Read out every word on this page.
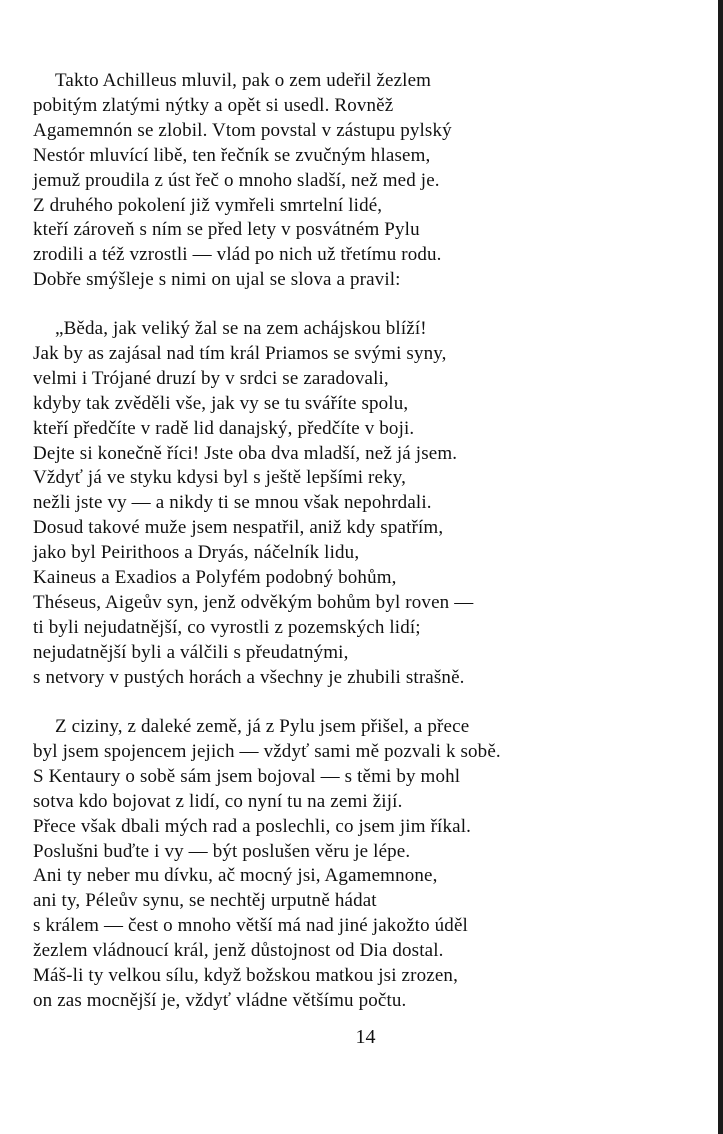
Takto Achilleus mluvil, pak o zem udeřil žezlem
pobitým zlatými nýtky a opět si usedl. Rovněž
Agamemnón se zlobil. Vtom povstal v zástupu pylský
Nestór mluvící libě, ten řečník se zvučným hlasem,
jemuž proudila z úst řeč o mnoho sladší, než med je.
Z druhého pokolení již vymřeli smrtelní lidé,
kteří zároveň s ním se před lety v posvátném Pylu
zrodili a též vzrostli — vlád po nich už třetímu rodu.
Dobře smýšleje s nimi on ujal se slova a pravil:
„Běda, jak veliký žal se na zem achájskou blíží!
Jak by as zajásal nad tím král Priamos se svými syny,
velmi i Trójané druzí by v srdci se zaradovali,
kdyby tak zvěděli vše, jak vy se tu sváříte spolu,
kteří předčíte v radě lid danajský, předčíte v boji.
Dejte si konečně říci! Jste oba dva mladší, než já jsem.
Vždyť já ve styku kdysi byl s ještě lepšími reky,
nežli jste vy — a nikdy ti se mnou však nepohrdali.
Dosud takové muže jsem nespatřil, aniž kdy spatřím,
jako byl Peirithoos a Dryás, náčelník lidu,
Kaineus a Exadios a Polyfém podobný bohům,
Théseus, Aigeův syn, jenž odvěkým bohům byl roven —
ti byli nejudatnější, co vyrostli z pozemských lidí;
nejudatnější byli a válčili s přeudatnými,
s netvory v pustých horách a všechny je zhubili strašně.
Z ciziny, z daleké země, já z Pylu jsem přišel, a přece
byl jsem spojencem jejich — vždyť sami mě pozvali k sobě.
S Kentaury o sobě sám jsem bojoval — s těmi by mohl
sotva kdo bojovat z lidí, co nyní tu na zemi žijí.
Přece však dbali mých rad a poslechli, co jsem jim říkal.
Poslušni buďte i vy — být poslušen věru je lépe.
Ani ty neber mu dívku, ač mocný jsi, Agamemnone,
ani ty, Péleův synu, se nechtěj urputně hádat
s králem — čest o mnoho větší má nad jiné jakožto úděl
žezlem vládnoucí král, jenž důstojnost od Dia dostal.
Máš-li ty velkou sílu, když božskou matkou jsi zrozen,
on zas mocnější je, vždyť vládne většímu počtu.
14
